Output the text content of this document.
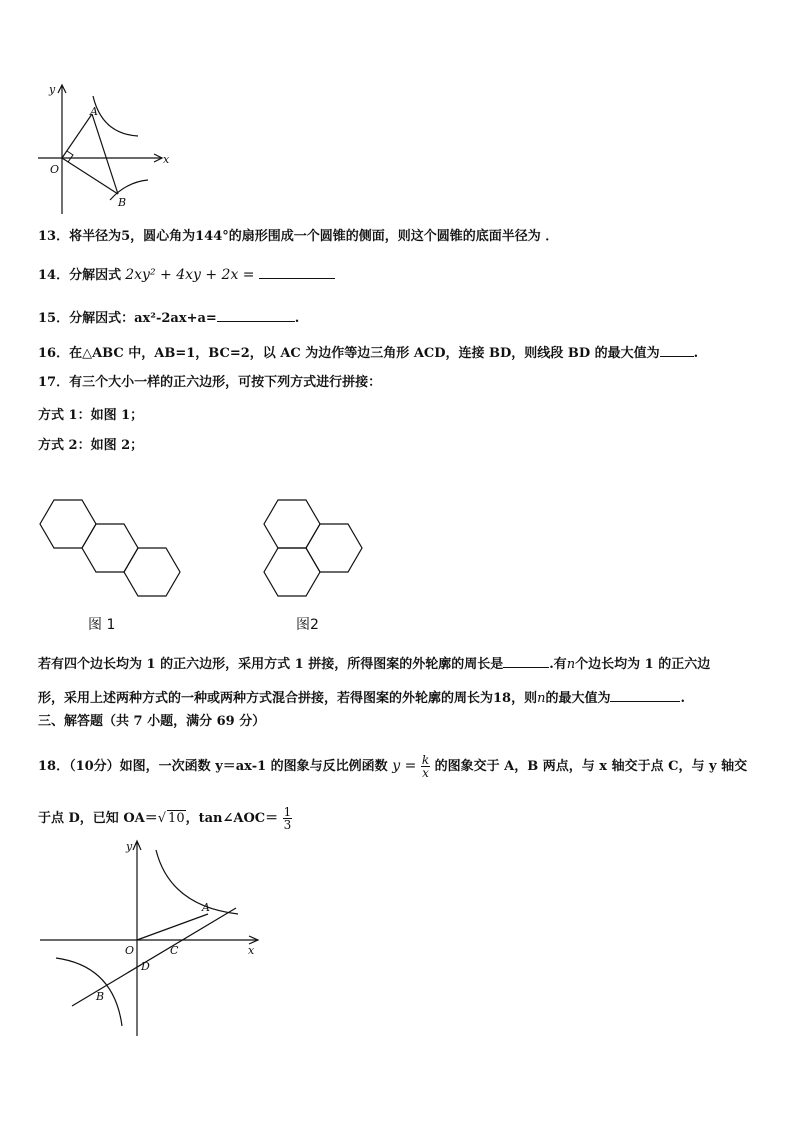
y
x
O
A
B
13．将半径为5，圆心角为144°的扇形围成一个圆锥的侧面，则这个圆锥的底面半径为 ．
14．分解因式 2xy² + 4xy + 2x =
15．分解因式：ax²-2ax+a=	.
16．在△ABC 中，AB=1，BC=2，以 AC 为边作等边三角形 ACD，连接 BD，则线段 BD 的最大值为	.
17．有三个大小一样的正六边形，可按下列方式进行拼接：
方式 1：如图 1；
方式 2：如图 2；
图 1	图2
若有四个边长均为 1 的正六边形，采用方式 1 拼接，所得图案的外轮廓的周长是	.有n个边长均为 1 的正六边
形，采用上述两种方式的一种或两种方式混合拼接，若得图案的外轮廓的周长为18，则n的最大值为	.
三、解答题（共 7 小题，满分 69 分）
18．（10分）如图，一次函数 y＝ax-1 的图象与反比例函数 $y = \frac{k}{x}$ 的图象交于 A，B 两点，与 x 轴交于点 C，与 y 轴交
于点 D，已知 OA＝√ 10，tan∠AOC＝ $\frac{1}{3}$
y
x
O	C
D
A
B
